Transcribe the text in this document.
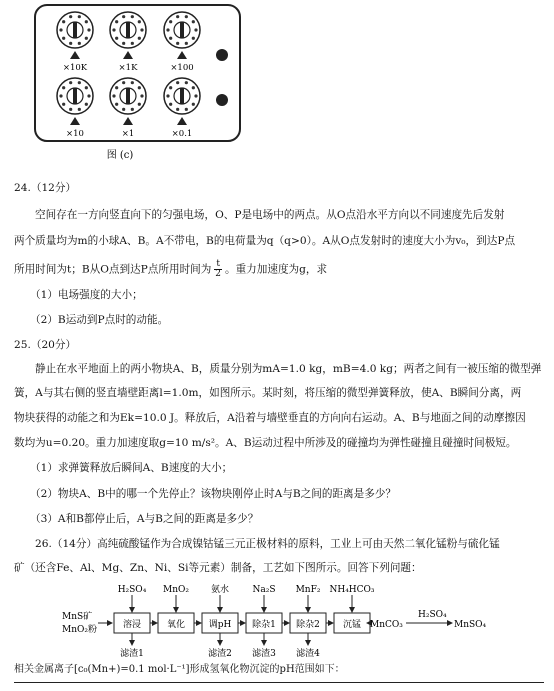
×10K	×1K	×100
×10	×1	×0.1
图 (c)
24.（12分）
空间存在一方向竖直向下的匀强电场，O、P是电场中的两点。从O点沿水平方向以不同速度先后发射
两个质量均为m的小球A、B。A不带电，B的电荷量为q（q>0）。A从O点发射时的速度大小为v₀，到达P点
所用时间为t；B从O点到达P点所用时间为 $\frac{t}{2}$ 。重力加速度为g，求
（1）电场强度的大小；
（2）B运动到P点时的动能。
25.（20分）
静止在水平地面上的两小物块A、B，质量分别为mA=1.0 kg，mB=4.0 kg；两者之间有一被压缩的微型弹
簧，A与其右侧的竖直墙壁距离l=1.0m，如图所示。某时刻，将压缩的微型弹簧释放，使A、B瞬间分离，两
物块获得的动能之和为Ek=10.0 J。释放后，A沿着与墙壁垂直的方向向右运动。A、B与地面之间的动摩擦因
数均为u=0.20。重力加速度取g=10 m/s²。A、B运动过程中所涉及的碰撞均为弹性碰撞且碰撞时间极短。
（1）求弹簧释放后瞬间A、B速度的大小；
（2）物块A、B中的哪一个先停止？该物块刚停止时A与B之间的距离是多少？
（3）A和B都停止后，A与B之间的距离是多少？
26.（14分）高纯硫酸锰作为合成镍钴锰三元正极材料的原料，工业上可由天然二氧化锰粉与硫化锰
矿（还含Fe、Al、Mg、Zn、Ni、Si等元素）制备，工艺如下图所示。回答下列问题：
MnS矿
MnO₂粉	溶浸
H₂SO₄
氧化
MnO₂
调pH
氨水
除杂1
Na₂S
除杂2
MnF₂
沉锰
NH₄HCO₃
滤渣1	滤渣2 滤渣3 滤渣4
MnCO₃
H₂SO₄
MnSO₄
相关金属离子[c₀(Mn+)=0.1 mol·L⁻¹]形成氢氧化物沉淀的pH范围如下：
